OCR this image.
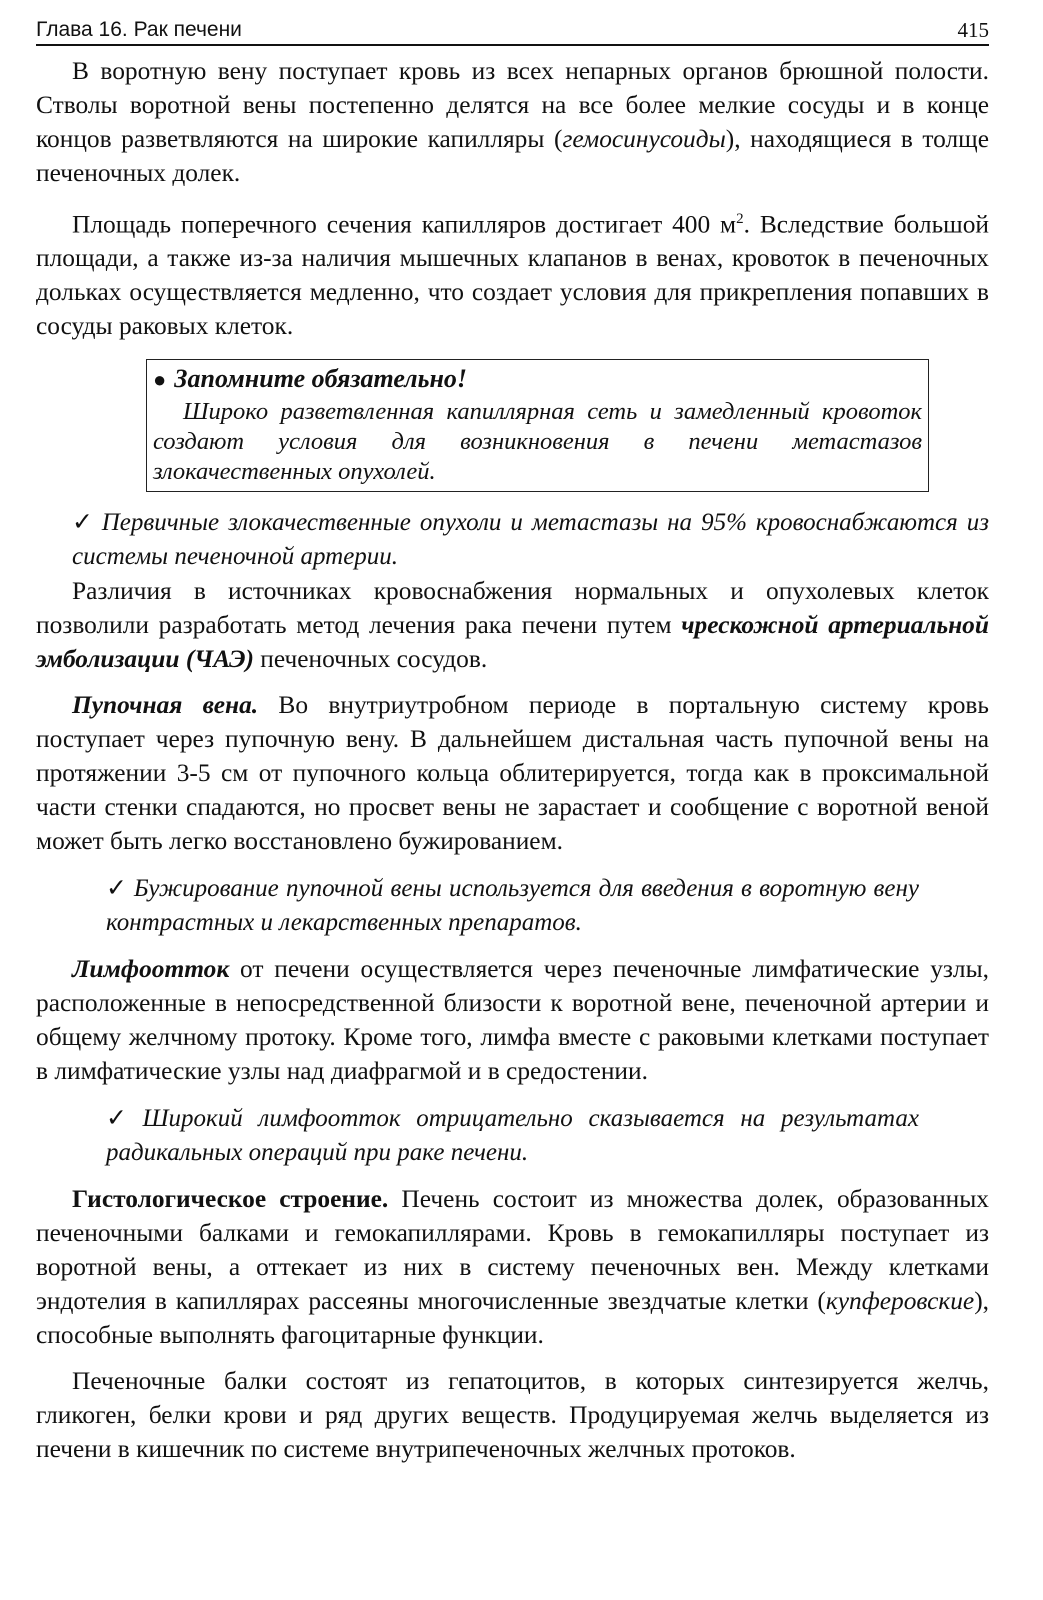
Глава 16. Рак печени	415

В воротную вену поступает кровь из всех непарных органов брюшной полости. Стволы воротной вены постепенно делятся на все более мелкие сосуды и в конце концов разветвляются на широкие капилляры (гемосинусоиды), находящиеся в толще печеночных долек.

Площадь поперечного сечения капилляров достигает 400 $м^2$. Вследствие большой площади, а также из-за наличия мышечных клапанов в венах, кровоток в печеночных дольках осуществляется медленно, что создает условия для прикрепления попавших в сосуды раковых клеток.

● Запомните обязательно!
Широко разветвленная капиллярная сеть и замедленный кровоток создают условия для возникновения в печени метастазов злокачественных опухолей.
✓ Первичные злокачественные опухоли и метастазы на 95% кровоснабжаются из системы печеночной артерии.

Различия в источниках кровоснабжения нормальных и опухолевых клеток позволили разработать метод лечения рака печени путем чрескожной артериальной эмболизации (ЧАЭ) печеночных сосудов.

Пупочная вена. Во внутриутробном периоде в портальную систему кровь поступает через пупочную вену. В дальнейшем дистальная часть пупочной вены на протяжении 3-5 см от пупочного кольца облитерируется, тогда как в проксимальной части стенки спадаются, но просвет вены не зарастает и сообщение с воротной веной может быть легко восстановлено бужированием.

✓ Бужирование пупочной вены используется для введения в воротную вену контрастных и лекарственных препаратов.

Лимфоотток от печени осуществляется через печеночные лимфатические узлы, расположенные в непосредственной близости к воротной вене, печеночной артерии и общему желчному протоку. Кроме того, лимфа вместе с раковыми клетками поступает в лимфатические узлы над диафрагмой и в средостении.

✓ Широкий лимфоотток отрицательно сказывается на результатах радикальных операций при раке печени.

Гистологическое строение. Печень состоит из множества долек, образованных печеночными балками и гемокапиллярами. Кровь в гемокапилляры поступает из воротной вены, а оттекает из них в систему печеночных вен. Между клетками эндотелия в капиллярах рассеяны многочисленные звездчатые клетки (купферовские), способные выполнять фагоцитарные функции.

Печеночные балки состоят из гепатоцитов, в которых синтезируется желчь, гликоген, белки крови и ряд других веществ. Продуцируемая желчь выделяется из печени в кишечник по системе внутрипеченочных желчных протоков.
